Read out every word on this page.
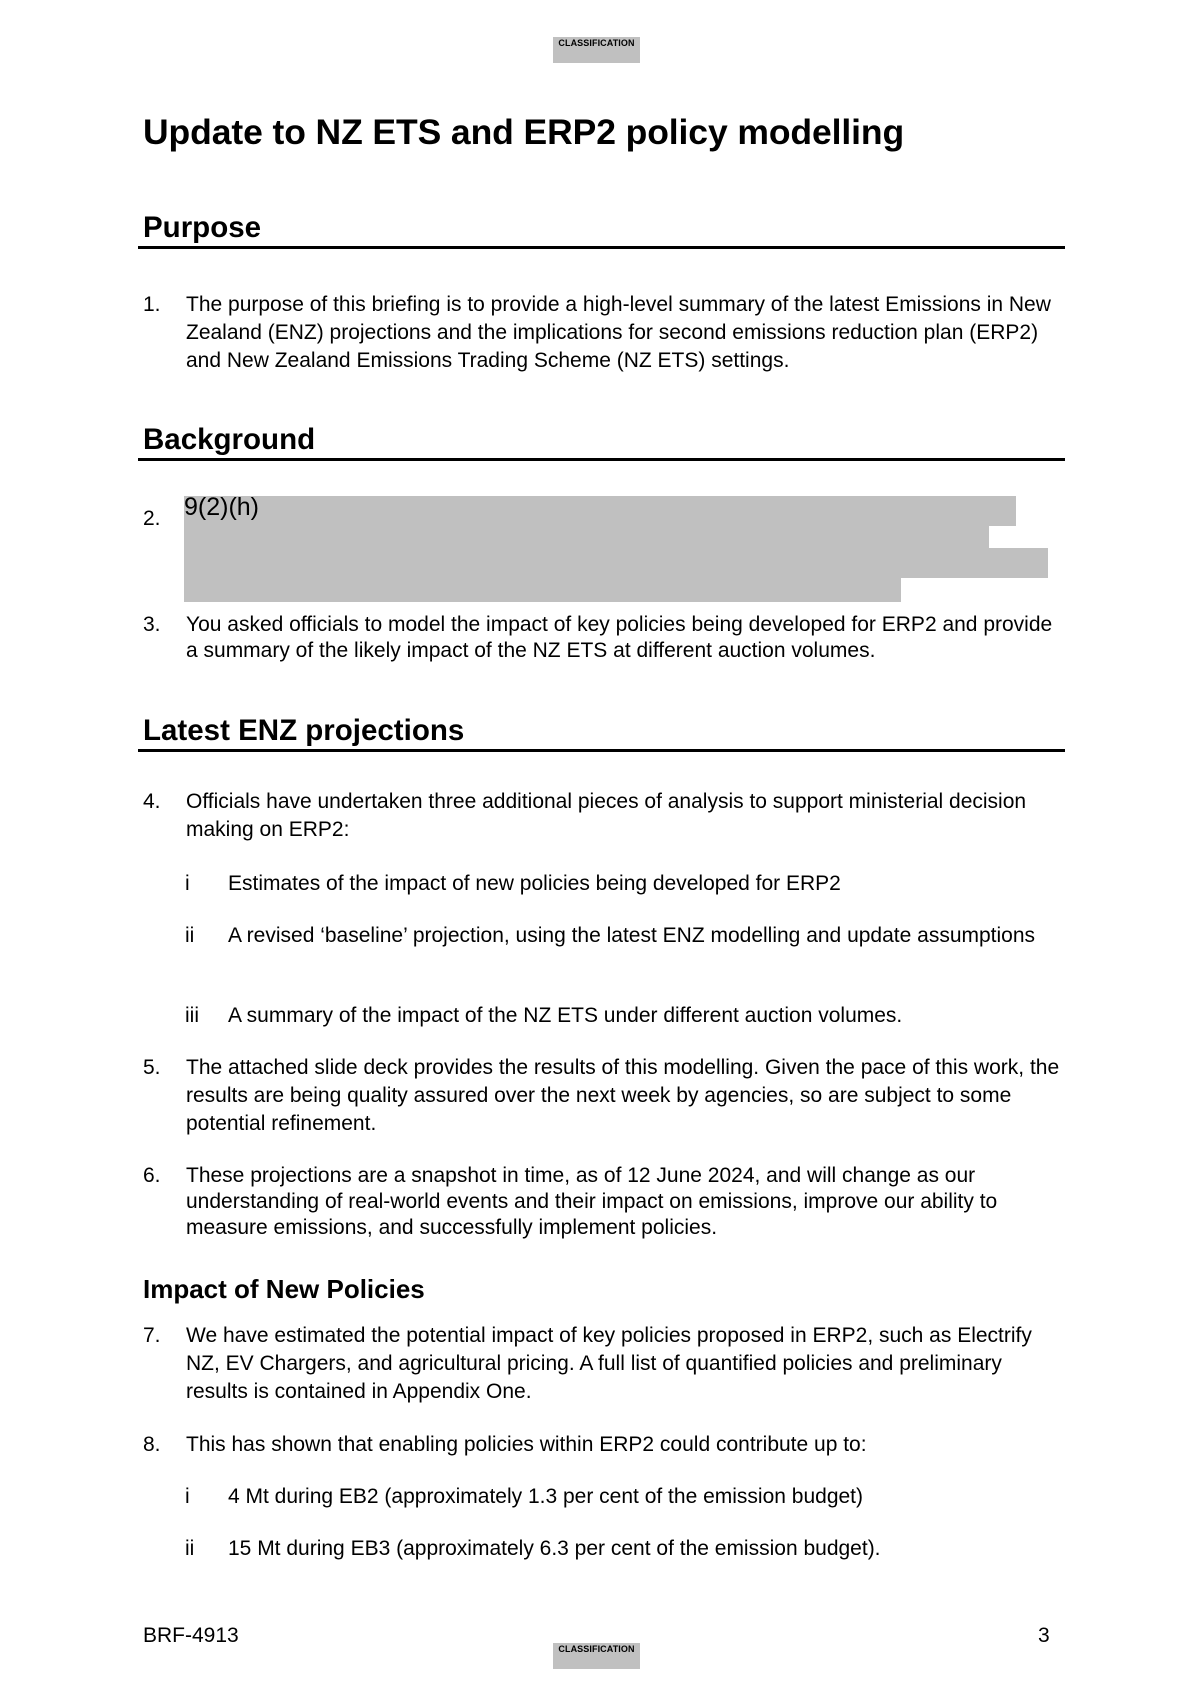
CLASSIFICATION
Update to NZ ETS and ERP2 policy modelling
Purpose
1. The purpose of this briefing is to provide a high-level summary of the latest Emissions in New Zealand (ENZ) projections and the implications for second emissions reduction plan (ERP2) and New Zealand Emissions Trading Scheme (NZ ETS) settings.
Background
2. 9(2)(h)
3. You asked officials to model the impact of key policies being developed for ERP2 and provide a summary of the likely impact of the NZ ETS at different auction volumes.
Latest ENZ projections
4. Officials have undertaken three additional pieces of analysis to support ministerial decision making on ERP2:
i Estimates of the impact of new policies being developed for ERP2
ii A revised ‘baseline’ projection, using the latest ENZ modelling and update assumptions
iii A summary of the impact of the NZ ETS under different auction volumes.
5. The attached slide deck provides the results of this modelling. Given the pace of this work, the results are being quality assured over the next week by agencies, so are subject to some potential refinement.
6. These projections are a snapshot in time, as of 12 June 2024, and will change as our understanding of real-world events and their impact on emissions, improve our ability to measure emissions, and successfully implement policies.
Impact of New Policies
7. We have estimated the potential impact of key policies proposed in ERP2, such as Electrify NZ, EV Chargers, and agricultural pricing. A full list of quantified policies and preliminary results is contained in Appendix One.
8. This has shown that enabling policies within ERP2 could contribute up to:
i 4 Mt during EB2 (approximately 1.3 per cent of the emission budget)
ii 15 Mt during EB3 (approximately 6.3 per cent of the emission budget).
BRF-4913	3
CLASSIFICATION
